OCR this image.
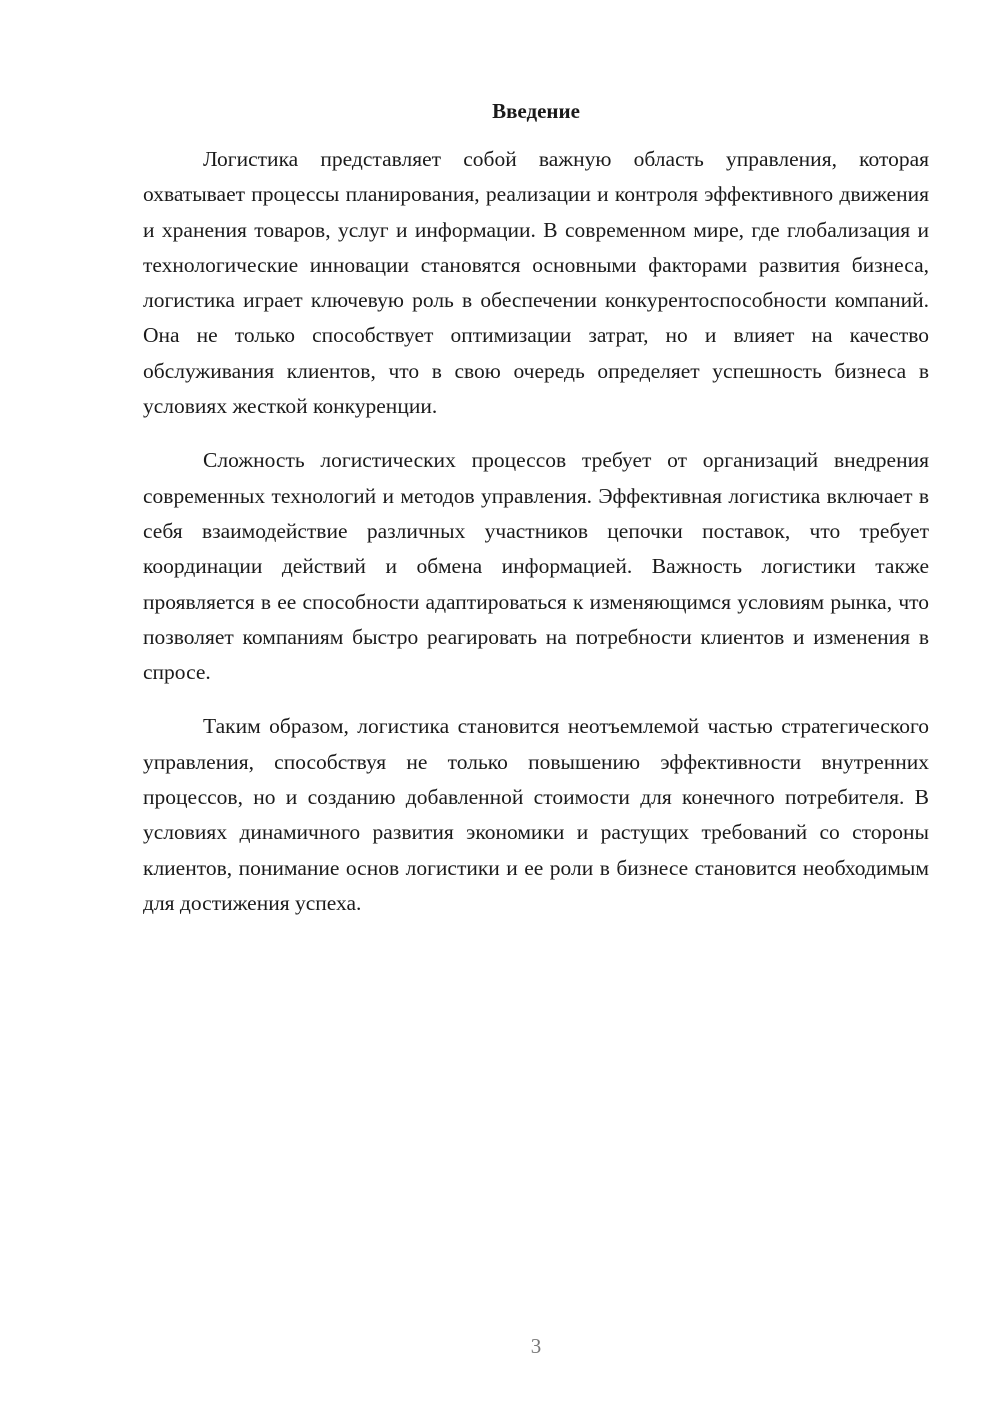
Введение

Логистика представляет собой важную область управления, которая охватывает процессы планирования, реализации и контроля эффективного движения и хранения товаров, услуг и информации. В современном мире, где глобализация и технологические инновации становятся основными факторами развития бизнеса, логистика играет ключевую роль в обеспечении конкурентоспособности компаний. Она не только способствует оптимизации затрат, но и влияет на качество обслуживания клиентов, что в свою очередь определяет успешность бизнеса в условиях жесткой конкуренции.

Сложность логистических процессов требует от организаций внедрения современных технологий и методов управления. Эффективная логистика включает в себя взаимодействие различных участников цепочки поставок, что требует координации действий и обмена информацией. Важность логистики также проявляется в ее способности адаптироваться к изменяющимся условиям рынка, что позволяет компаниям быстро реагировать на потребности клиентов и изменения в спросе.

Таким образом, логистика становится неотъемлемой частью стратегического управления, способствуя не только повышению эффективности внутренних процессов, но и созданию добавленной стоимости для конечного потребителя. В условиях динамичного развития экономики и растущих требований со стороны клиентов, понимание основ логистики и ее роли в бизнесе становится необходимым для достижения успеха.

3
